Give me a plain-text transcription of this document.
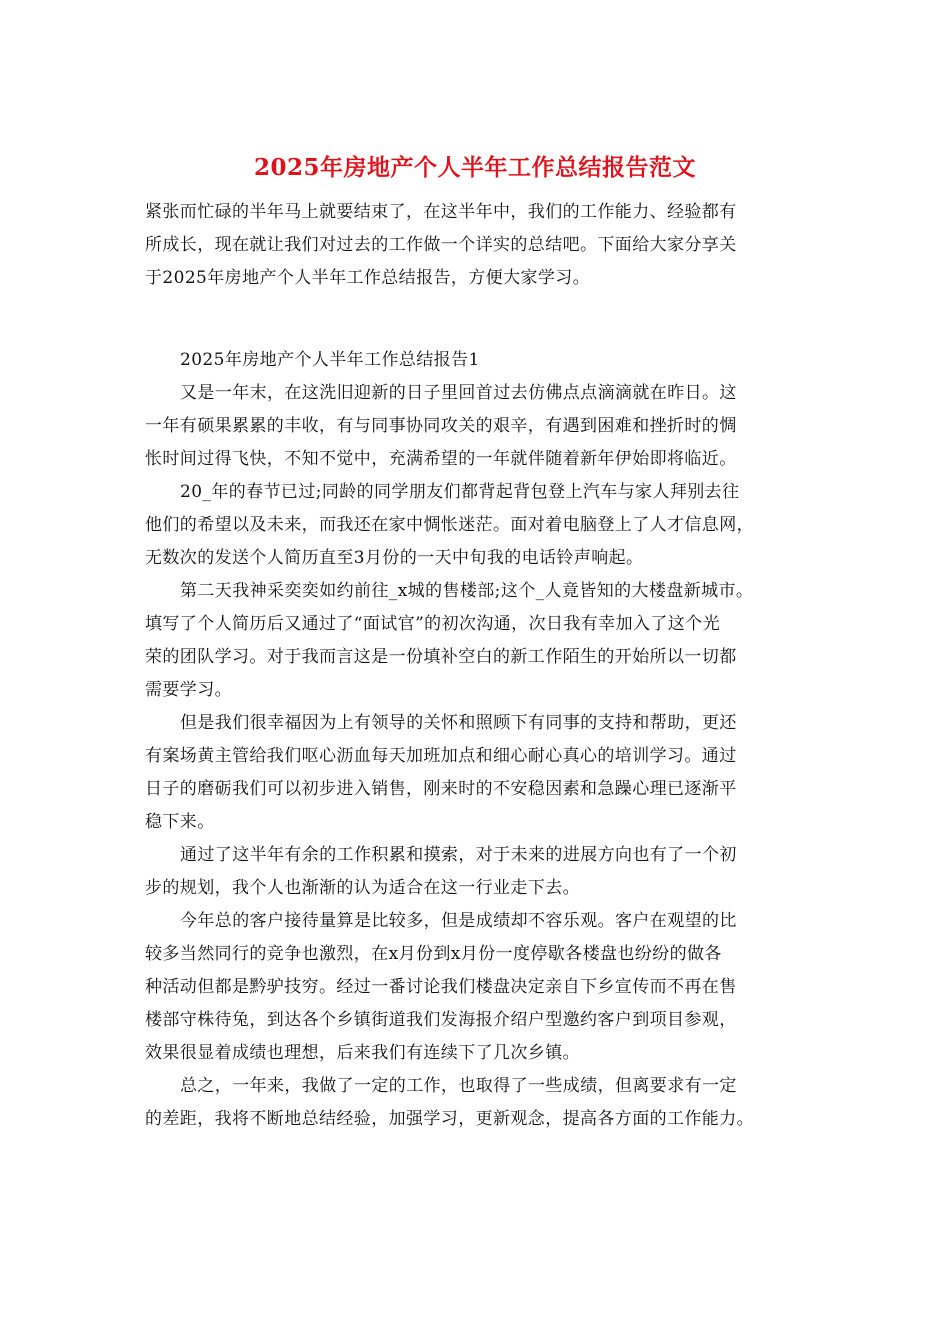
2025年房地产个人半年工作总结报告范文
紧张而忙碌的半年马上就要结束了，在这半年中，我们的工作能力、经验都有
所成长，现在就让我们对过去的工作做一个详实的总结吧。下面给大家分享关
于2025年房地产个人半年工作总结报告，方便大家学习。
2025年房地产个人半年工作总结报告1
又是一年末，在这洗旧迎新的日子里回首过去仿佛点点滴滴就在昨日。这
一年有硕果累累的丰收，有与同事协同攻关的艰辛，有遇到困难和挫折时的惆
怅时间过得飞快，不知不觉中，充满希望的一年就伴随着新年伊始即将临近。
20_年的春节已过;同龄的同学朋友们都背起背包登上汽车与家人拜别去往
他们的希望以及未来，而我还在家中惆怅迷茫。面对着电脑登上了人才信息网，
无数次的发送个人简历直至3月份的一天中旬我的电话铃声响起。
第二天我神采奕奕如约前往_x城的售楼部;这个_人竟皆知的大楼盘新城市。
填写了个人简历后又通过了“面试官”的初次沟通，次日我有幸加入了这个光
荣的团队学习。对于我而言这是一份填补空白的新工作陌生的开始所以一切都
需要学习。
但是我们很幸福因为上有领导的关怀和照顾下有同事的支持和帮助，更还
有案场黄主管给我们呕心沥血每天加班加点和细心耐心真心的培训学习。通过
日子的磨砺我们可以初步进入销售，刚来时的不安稳因素和急躁心理已逐渐平
稳下来。
通过了这半年有余的工作积累和摸索，对于未来的进展方向也有了一个初
步的规划，我个人也渐渐的认为适合在这一行业走下去。
今年总的客户接待量算是比较多，但是成绩却不容乐观。客户在观望的比
较多当然同行的竞争也激烈，在x月份到x月份一度停歇各楼盘也纷纷的做各
种活动但都是黔驴技穷。经过一番讨论我们楼盘决定亲自下乡宣传而不再在售
楼部守株待兔，到达各个乡镇街道我们发海报介绍户型邀约客户到项目参观，
效果很显着成绩也理想，后来我们有连续下了几次乡镇。
总之，一年来，我做了一定的工作，也取得了一些成绩，但离要求有一定
的差距，我将不断地总结经验，加强学习，更新观念，提高各方面的工作能力。
